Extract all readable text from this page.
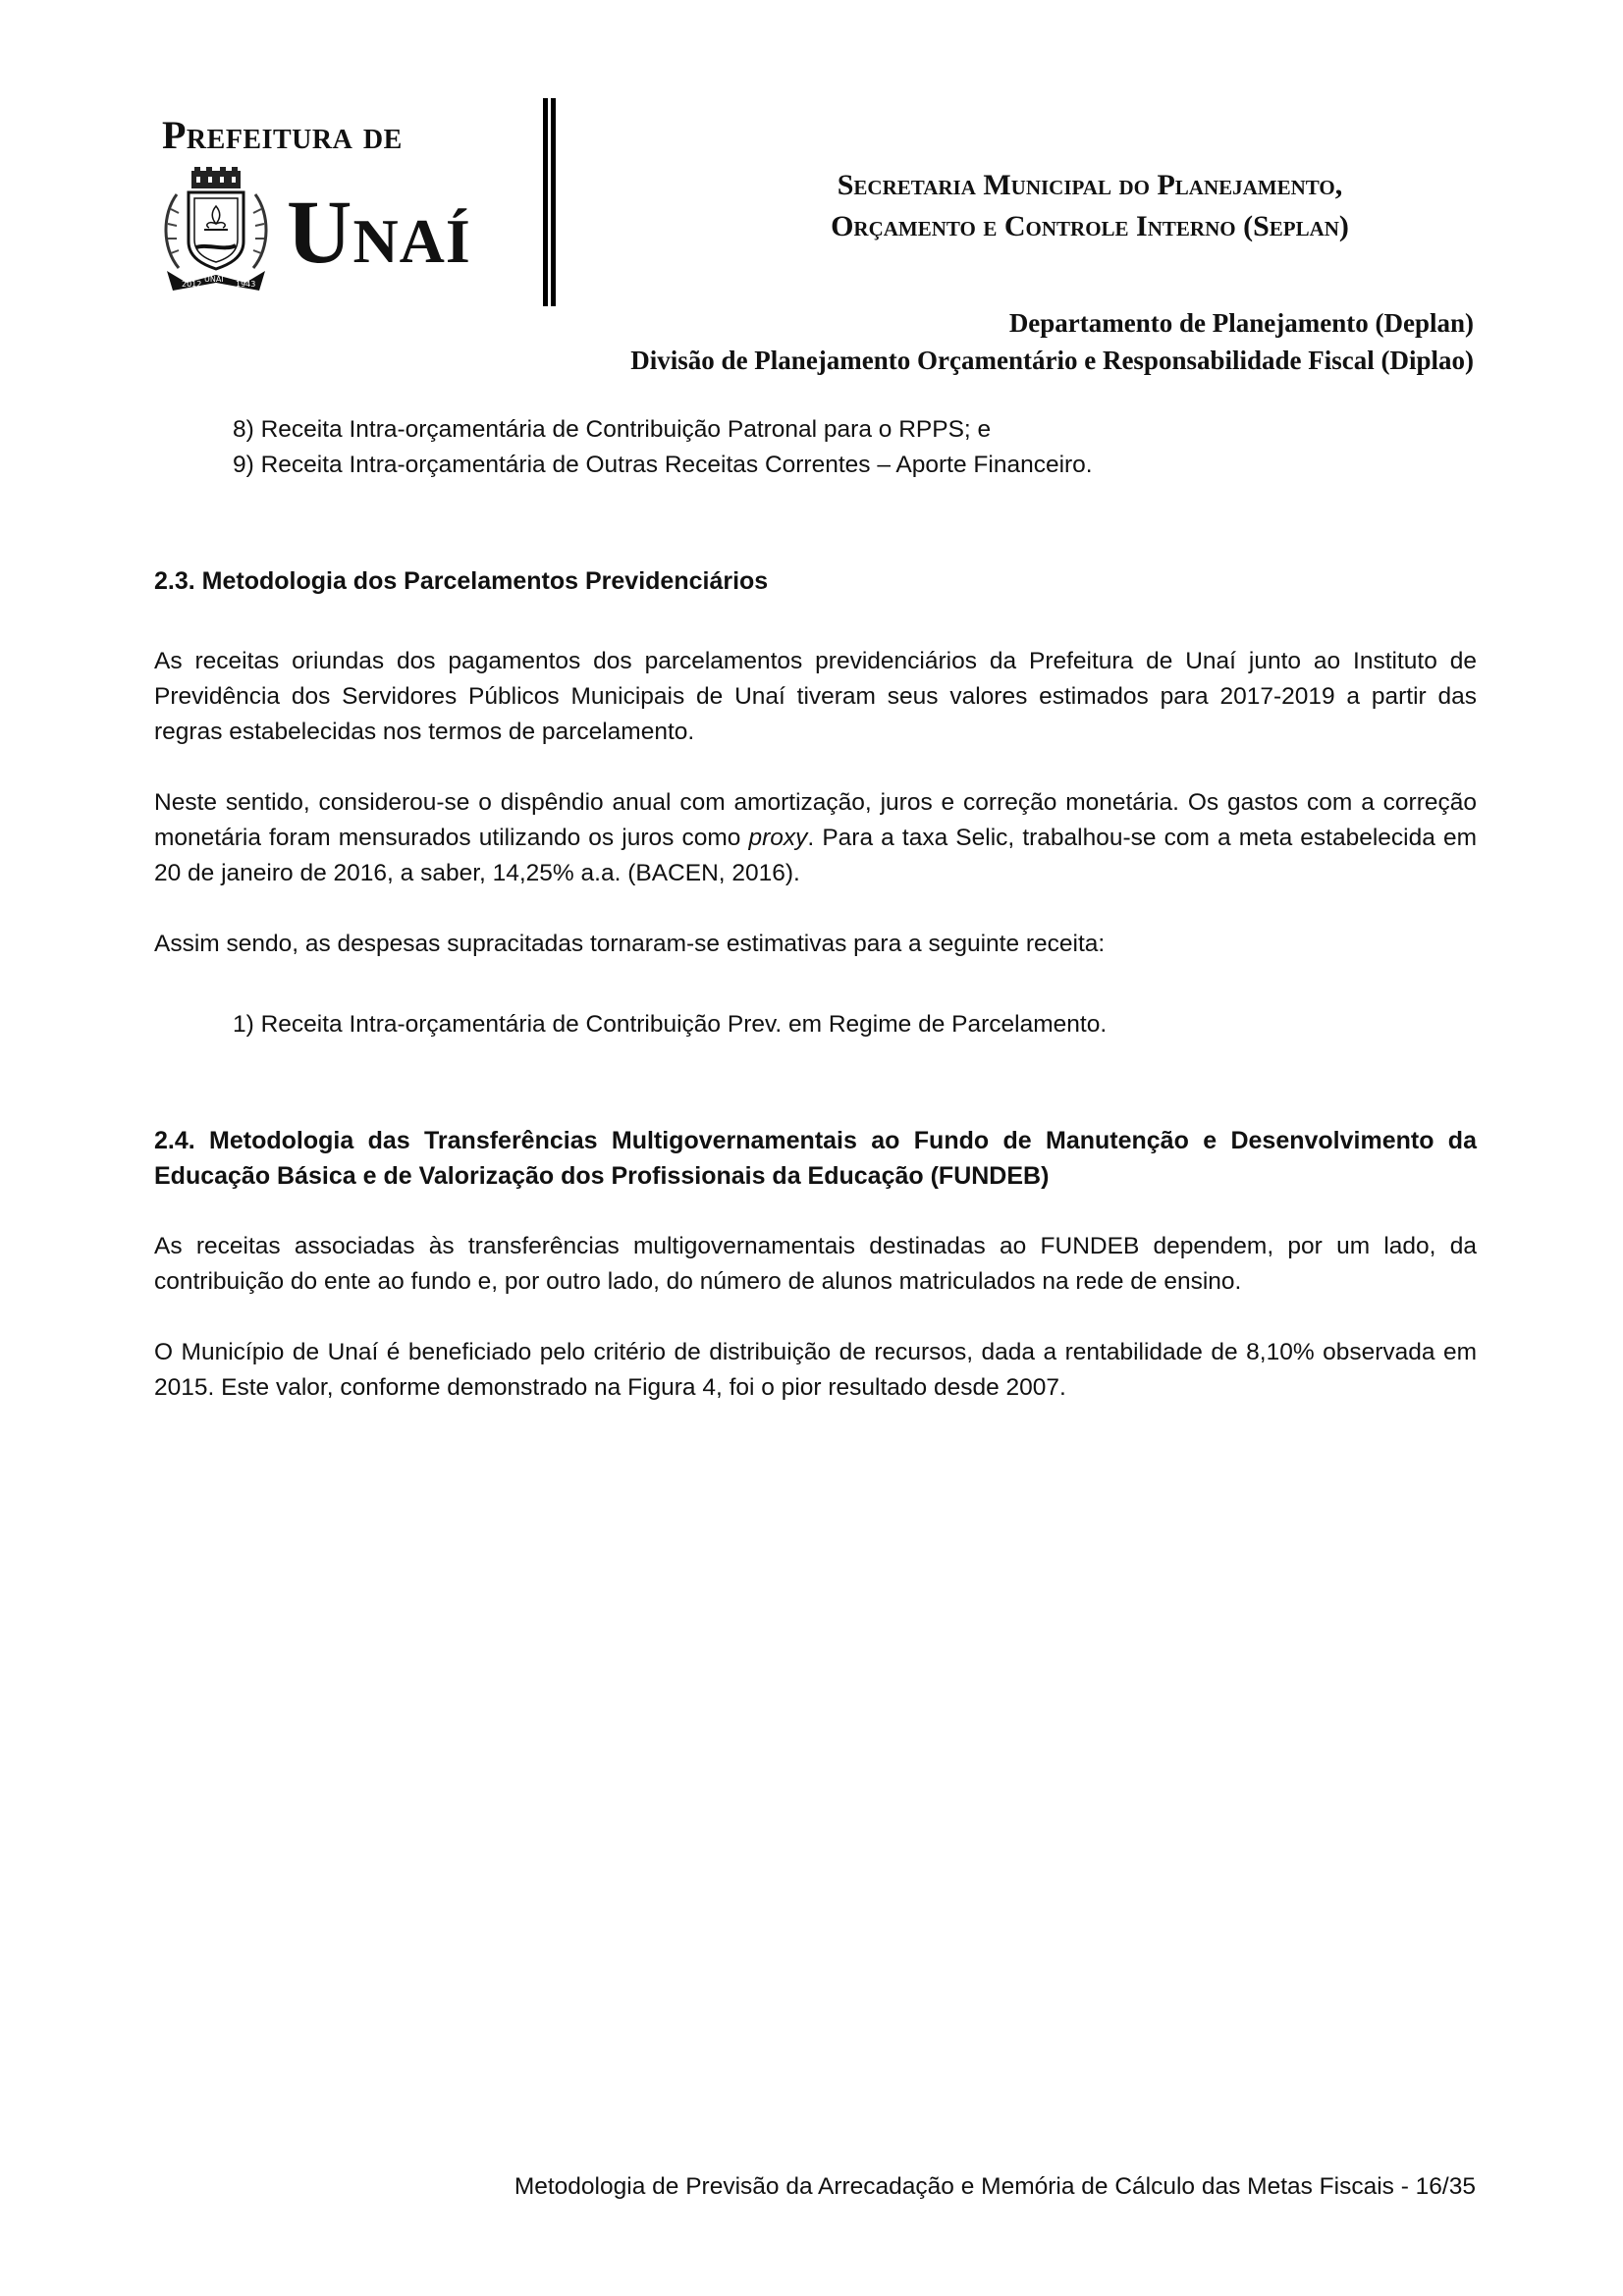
Prefeitura de
2012
UNAÍ
1943
Unaí	Secretaria Municipal do Planejamento,
Orçamento e Controle Interno (Seplan)
Departamento de Planejamento (Deplan)
Divisão de Planejamento Orçamentário e Responsabilidade Fiscal (Diplao)
8) Receita Intra-orçamentária de Contribuição Patronal para o RPPS; e
9) Receita Intra-orçamentária de Outras Receitas Correntes – Aporte Financeiro.
2.3. Metodologia dos Parcelamentos Previdenciários

As receitas oriundas dos pagamentos dos parcelamentos previdenciários da Prefeitura de Unaí junto ao Instituto de Previdência dos Servidores Públicos Municipais de Unaí tiveram seus valores estimados para 2017-2019 a partir das regras estabelecidas nos termos de parcelamento.

Neste sentido, considerou-se o dispêndio anual com amortização, juros e correção monetária. Os gastos com a correção monetária foram mensurados utilizando os juros como proxy. Para a taxa Selic, trabalhou-se com a meta estabelecida em 20 de janeiro de 2016, a saber, 14,25% a.a. (BACEN, 2016).

Assim sendo, as despesas supracitadas tornaram-se estimativas para a seguinte receita:

1) Receita Intra-orçamentária de Contribuição Prev. em Regime de Parcelamento.

2.4. Metodologia das Transferências Multigovernamentais ao Fundo de Manutenção e Desenvolvimento da Educação Básica e de Valorização dos Profissionais da Educação (FUNDEB)

As receitas associadas às transferências multigovernamentais destinadas ao FUNDEB dependem, por um lado, da contribuição do ente ao fundo e, por outro lado, do número de alunos matriculados na rede de ensino.

O Município de Unaí é beneficiado pelo critério de distribuição de recursos, dada a rentabilidade de 8,10% observada em 2015. Este valor, conforme demonstrado na Figura 4, foi o pior resultado desde 2007.

Metodologia de Previsão da Arrecadação e Memória de Cálculo das Metas Fiscais - 16/35
